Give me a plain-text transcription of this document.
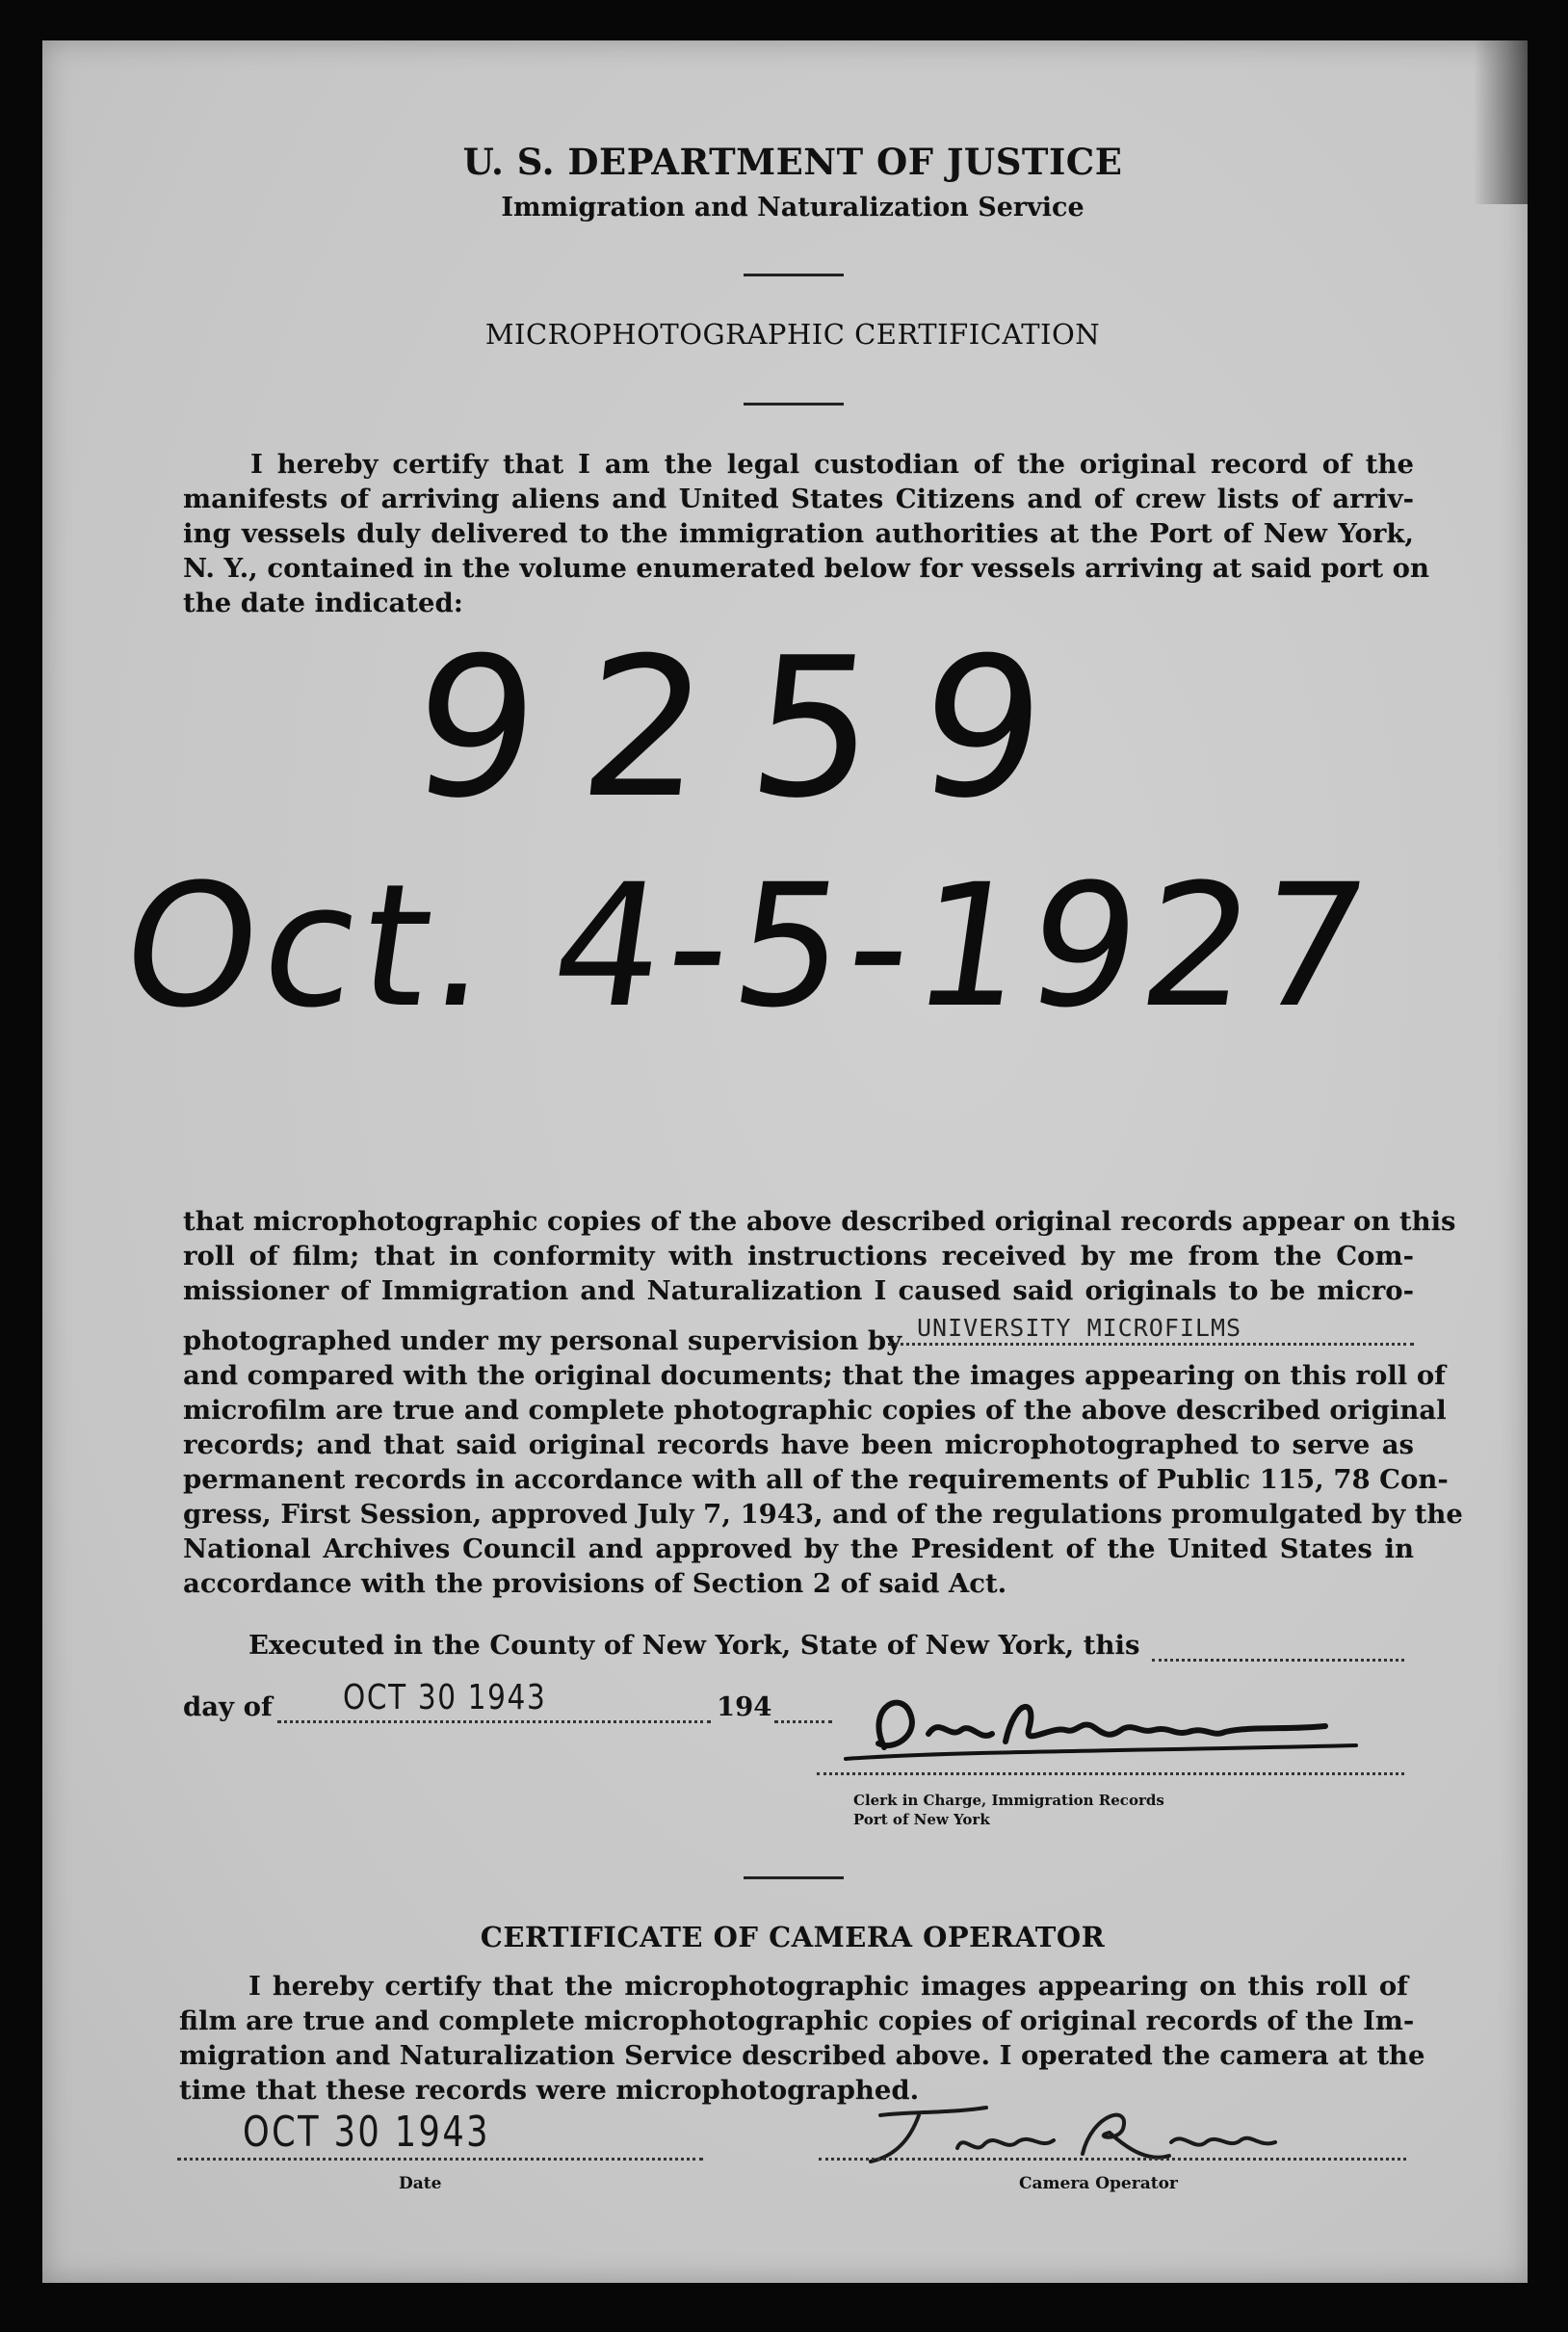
U. S. DEPARTMENT OF JUSTICE
Immigration and Naturalization Service
MICROPHOTOGRAPHIC CERTIFICATION
I hereby certify that I am the legal custodian of the original record of the
manifests of arriving aliens and United States Citizens and of crew lists of arriv-
ing vessels duly delivered to the immigration authorities at the Port of New York,
N. Y., contained in the volume enumerated below for vessels arriving at said port on
the date indicated:
9259
Oct. 4-5-1927
that microphotographic copies of the above described original records appear on this
roll of film; that in conformity with instructions received by me from the Com-
missioner of Immigration and Naturalization I caused said originals to be micro-
photographed under my personal supervision by UNIVERSITY MICROFILMS
and compared with the original documents; that the images appearing on this roll of
microfilm are true and complete photographic copies of the above described original
records; and that said original records have been microphotographed to serve as
permanent records in accordance with all of the requirements of Public 115, 78 Con-
gress, First Session, approved July 7, 1943, and of the regulations promulgated by the
National Archives Council and approved by the President of the United States in
accordance with the provisions of Section 2 of said Act.
Executed in the County of New York, State of New York, this
day of	OCT 30 1943	194
Clerk in Charge, Immigration Records
Port of New York
CERTIFICATE OF CAMERA OPERATOR
I hereby certify that the microphotographic images appearing on this roll of
film are true and complete microphotographic copies of original records of the Im-
migration and Naturalization Service described above. I operated the camera at the
time that these records were microphotographed.
OCT 30 1943
Date	Camera Operator
